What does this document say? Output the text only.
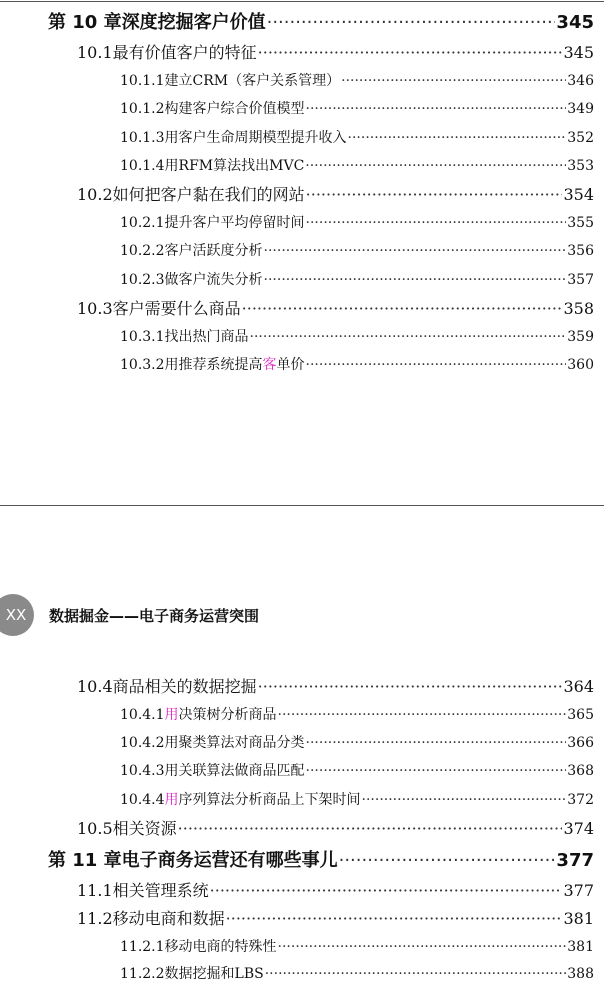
第 10 章 深度挖掘客户价值 ·····	345
10.1 最有价值客户的特征 ·····	345
10.1.1 建立CRM（客户关系管理） ·····	346
10.1.2 构建客户综合价值模型 ·····	349
10.1.3 用客户生命周期模型提升收入 ·····	352
10.1.4 用RFM算法找出MVC ·····	353
10.2 如何把客户黏在我们的网站 ·····	354
10.2.1 提升客户平均停留时间 ·····	355
10.2.2 客户活跃度分析 ·····	356
10.2.3 做客户流失分析 ·····	357
10.3 客户需要什么商品 ·····	358
10.3.1 找出热门商品 ·····	359
10.3.2 用推荐系统提高客单价 ·····	360
XX	数据掘金——电子商务运营突围
10.4 商品相关的数据挖掘 ·····	364
10.4.1 用决策树分析商品 ·····	365
10.4.2 用聚类算法对商品分类 ·····	366
10.4.3 用关联算法做商品匹配 ·····	368
10.4.4 用序列算法分析商品上下架时间 ·····	372
10.5 相关资源 ·····	374
第 11 章 电子商务运营还有哪些事儿 ·····	377
11.1 相关管理系统 ·····	377
11.2 移动电商和数据 ·····	381
11.2.1 移动电商的特殊性 ·····	381
11.2.2 数据挖掘和LBS ·····	388
